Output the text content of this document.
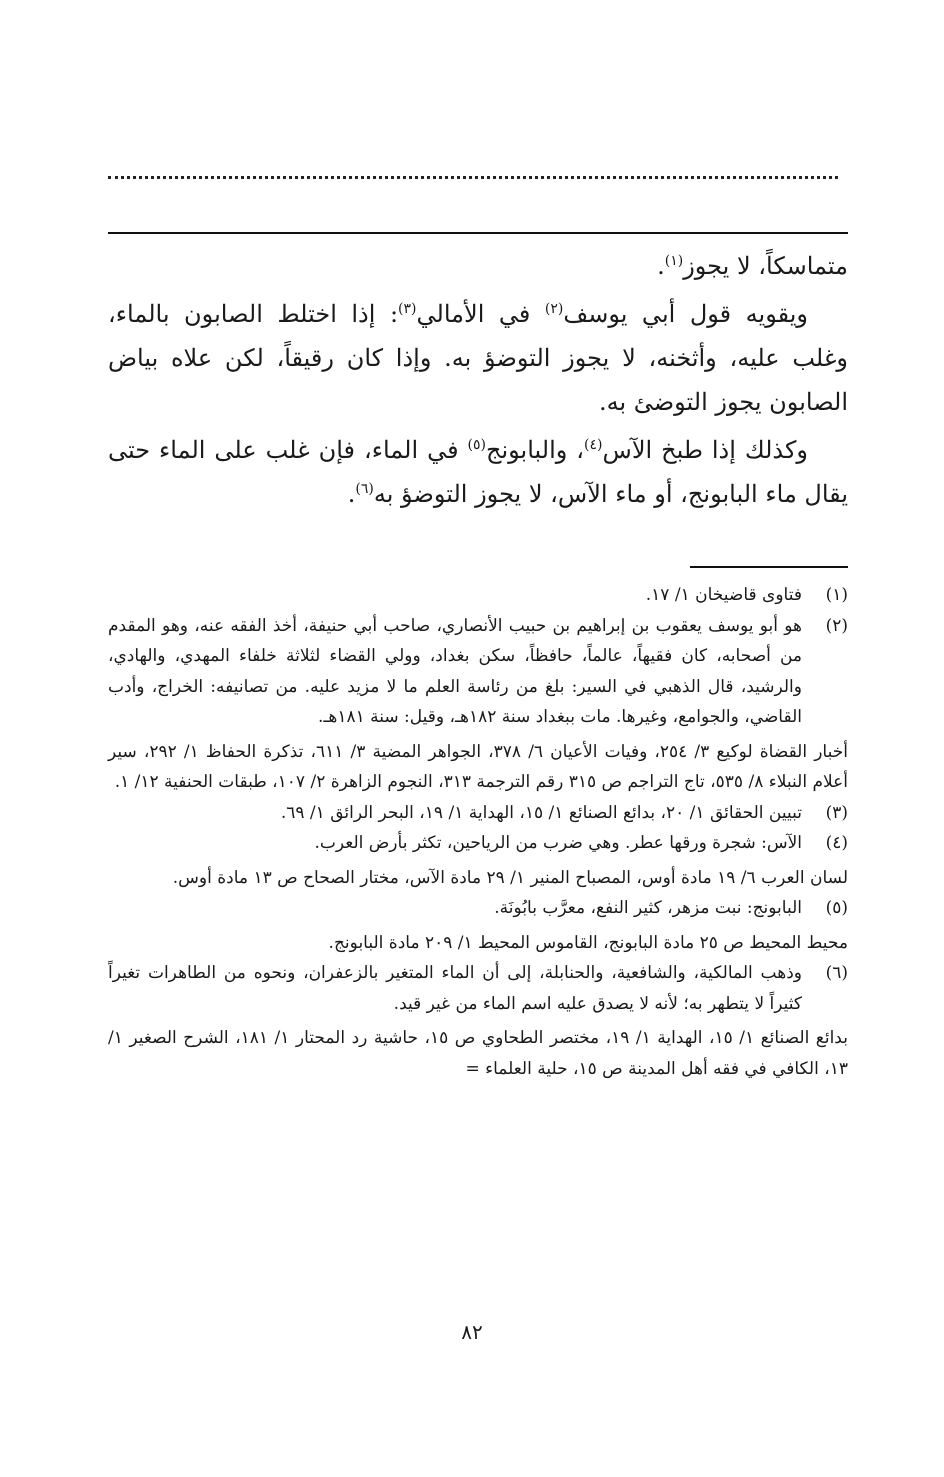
متماسكاً، لا يجوز$^{(١)}$.

ويقويه قول أبي يوسف$^{(٢)}$ في الأمالي$^{(٣)}$: إذا اختلط الصابون بالماء، وغلب عليه، وأثخنه، لا يجوز التوضؤ به. وإذا كان رقيقاً، لكن علاه بياض الصابون يجوز التوضئ به.

وكذلك إذا طبخ الآس$^{(٤)}$، والبابونج$^{(٥)}$ في الماء، فإن غلب على الماء حتى يقال ماء البابونج، أو ماء الآس، لا يجوز التوضؤ به$^{(٦)}$.

(١)

فتاوى قاضيخان ١/ ١٧.

(٢)

هو أبو يوسف يعقوب بن إبراهيم بن حبيب الأنصاري، صاحب أبي حنيفة، أخذ الفقه عنه، وهو المقدم من أصحابه، كان فقيهاً، عالماً، حافظاً، سكن بغداد، وولي القضاء لثلاثة خلفاء المهدي، والهادي، والرشيد، قال الذهبي في السير: بلغ من رئاسة العلم ما لا مزيد عليه. من تصانيفه: الخراج، وأدب القاضي، والجوامع، وغيرها. مات ببغداد سنة ١٨٢هـ، وقيل: سنة ١٨١هـ.

أخبار القضاة لوكيع ٣/ ٢٥٤، وفيات الأعيان ٦/ ٣٧٨، الجواهر المضية ٣/ ٦١١، تذكرة الحفاظ ١/ ٢٩٢، سير أعلام النبلاء ٨/ ٥٣٥، تاج التراجم ص ٣١٥ رقم الترجمة ٣١٣، النجوم الزاهرة ٢/ ١٠٧، طبقات الحنفية ١٢/ ١.

(٣)

تبيين الحقائق ١/ ٢٠، بدائع الصنائع ١/ ١٥، الهداية ١/ ١٩، البحر الرائق ١/ ٦٩.

(٤)

الآس: شجرة ورقها عطر. وهي ضرب من الرياحين، تكثر بأرض العرب.

لسان العرب ٦/ ١٩ مادة أوس، المصباح المنير ١/ ٢٩ مادة الآس، مختار الصحاح ص ١٣ مادة أوس.

(٥)

البابونج: نبت مزهر، كثير النفع، معرَّب بابُونَة.

محيط المحيط ص ٢٥ مادة البابونج، القاموس المحيط ١/ ٢٠٩ مادة البابونج.

(٦)

وذهب المالكية، والشافعية، والحنابلة، إلى أن الماء المتغير بالزعفران، ونحوه من الطاهرات تغيراً كثيراً لا يتطهر به؛ لأنه لا يصدق عليه اسم الماء من غير قيد.

بدائع الصنائع ١/ ١٥، الهداية ١/ ١٩، مختصر الطحاوي ص ١٥، حاشية رد المحتار ١/ ١٨١، الشرح الصغير ١/ ١٣، الكافي في فقه أهل المدينة ص ١٥، حلية العلماء =

٨٢
